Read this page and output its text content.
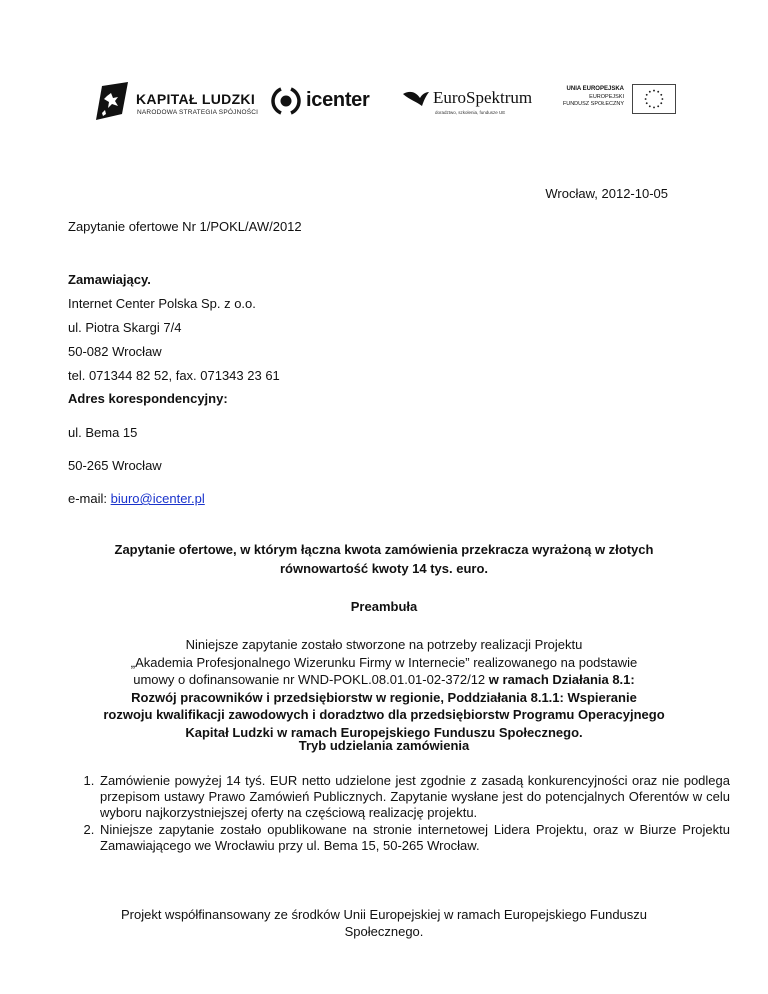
KAPITAŁ LUDZKI
NARODOWA STRATEGIA SPÓJNOŚCI
icenter	EuroSpektrum
doradztwo, szkolenia, fundusze UE
UNIA EUROPEJSKA
EUROPEJSKI
FUNDUSZ SPOŁECZNY
Wrocław, 2012-10-05
Zapytanie ofertowe Nr 1/POKL/AW/2012
Zamawiający.
Internet Center Polska Sp. z o.o.
ul. Piotra Skargi 7/4
50-082 Wrocław
tel. 071344 82 52, fax. 071343 23 61
Adres korespondencyjny:
ul. Bema 15
50-265 Wrocław
e-mail: biuro@icenter.pl
Zapytanie ofertowe, w którym łączna kwota zamówienia przekracza wyrażoną w złotych
równowartość kwoty 14 tys. euro.
Preambuła
Niniejsze zapytanie zostało stworzone na potrzeby realizacji Projektu
„Akademia Profesjonalnego Wizerunku Firmy w Internecie” realizowanego na podstawie
umowy o dofinansowanie nr WND-POKL.08.01.01-02-372/12 w ramach Działania 8.1:
Rozwój pracowników i przedsiębiorstw w regionie, Poddziałania 8.1.1: Wspieranie
rozwoju kwalifikacji zawodowych i doradztwo dla przedsiębiorstw Programu Operacyjnego
Kapitał Ludzki w ramach Europejskiego Funduszu Społecznego.
Tryb udzielania zamówienia
1. Zamówienie powyżej 14 tyś. EUR netto udzielone jest zgodnie z zasadą konkurencyjności oraz nie podlega przepisom ustawy Prawo Zamówień Publicznych. Zapytanie wysłane jest do potencjalnych Oferentów w celu wyboru najkorzystniejszej oferty na częściową realizację projektu.
2. Niniejsze zapytanie zostało opublikowane na stronie internetowej Lidera Projektu, oraz w Biurze Projektu Zamawiającego we Wrocławiu przy ul. Bema 15, 50-265 Wrocław.
Projekt współfinansowany ze środków Unii Europejskiej w ramach Europejskiego Funduszu
Społecznego.
